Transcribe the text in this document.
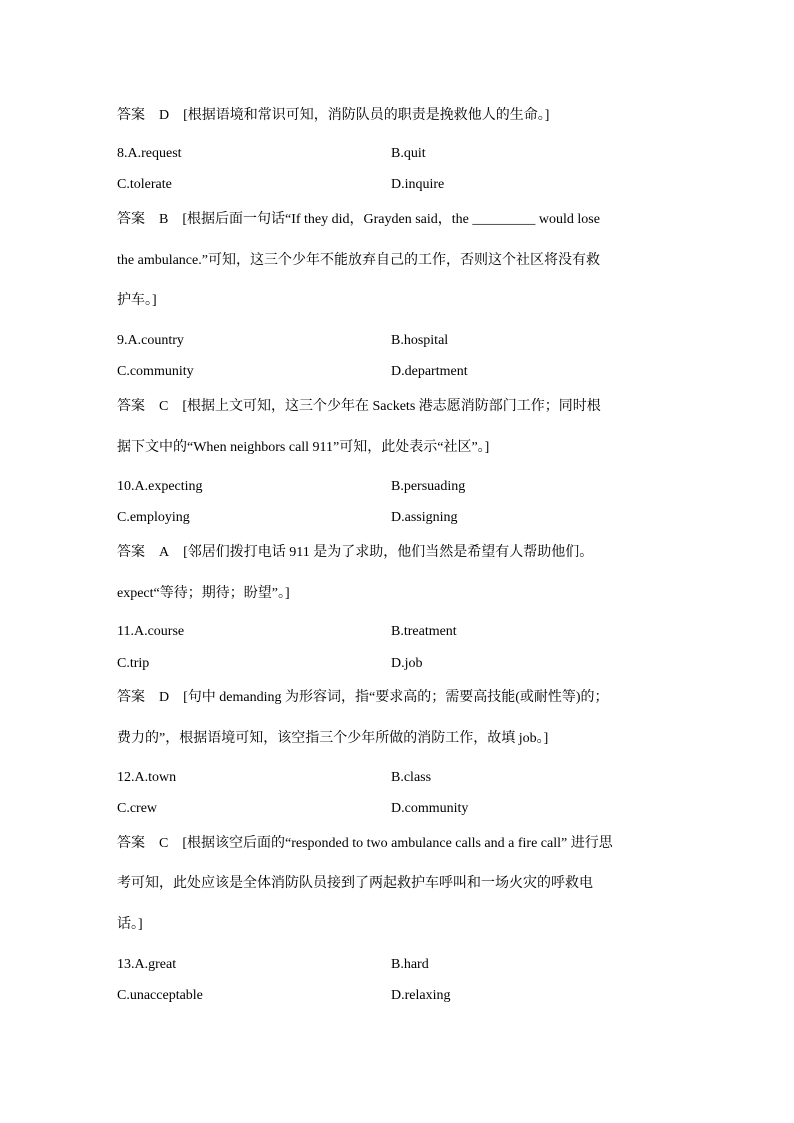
答案 D [根据语境和常识可知，消防队员的职责是挽救他人的生命。]
8.A.request	B.quit
C.tolerate	D.inquire
答案 B [根据后面一句话“If they did，Grayden said，the _________ would lose
the ambulance.”可知，这三个少年不能放弃自己的工作，否则这个社区将没有救
护车。]
9.A.country	B.hospital
C.community	D.department
答案 C [根据上文可知，这三个少年在 Sackets 港志愿消防部门工作；同时根
据下文中的“When neighbors call 911”可知，此处表示“社区”。]
10.A.expecting	B.persuading
C.employing	D.assigning
答案 A [邻居们拨打电话 911 是为了求助，他们当然是希望有人帮助他们。
expect“等待；期待；盼望”。]
11.A.course	B.treatment
C.trip	D.job
答案 D [句中 demanding 为形容词，指“要求高的；需要高技能(或耐性等)的；
费力的”，根据语境可知，该空指三个少年所做的消防工作，故填 job。]
12.A.town	B.class
C.crew	D.community
答案 C [根据该空后面的“responded to two ambulance calls and a fire call” 进行思
考可知，此处应该是全体消防队员接到了两起救护车呼叫和一场火灾的呼救电
话。]
13.A.great	B.hard
C.unacceptable	D.relaxing
